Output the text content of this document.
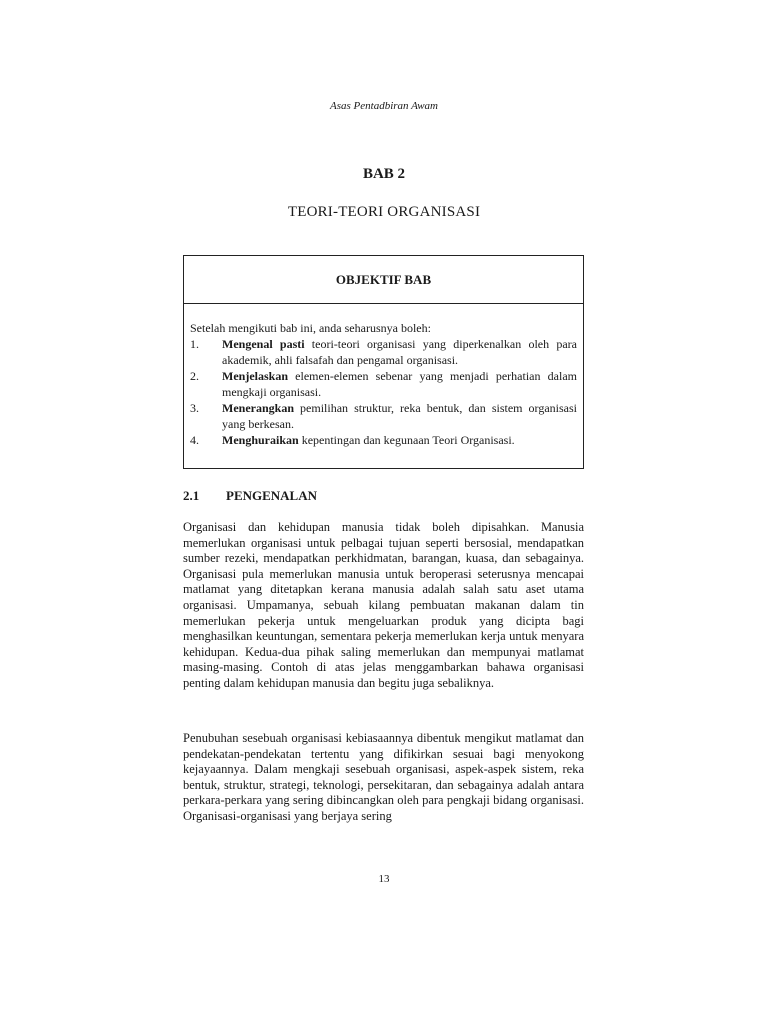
Asas Pentadbiran Awam
BAB 2
TEORI-TEORI ORGANISASI
OBJEKTIF BAB

Setelah mengikuti bab ini, anda seharusnya boleh:

1.	Mengenal pasti teori-teori organisasi yang diperkenalkan oleh para akademik, ahli falsafah dan pengamal organisasi.
2.	Menjelaskan elemen-elemen sebenar yang menjadi perhatian dalam mengkaji organisasi.
3.	Menerangkan pemilihan struktur, reka bentuk, dan sistem organisasi yang berkesan.
4.	Menghuraikan kepentingan dan kegunaan Teori Organisasi.
2.1	PENGENALAN

Organisasi dan kehidupan manusia tidak boleh dipisahkan. Manusia memerlukan organisasi untuk pelbagai tujuan seperti bersosial, mendapatkan sumber rezeki, mendapatkan perkhidmatan, barangan, kuasa, dan sebagainya. Organisasi pula memerlukan manusia untuk beroperasi seterusnya mencapai matlamat yang ditetapkan kerana manusia adalah salah satu aset utama organisasi. Umpamanya, sebuah kilang pembuatan makanan dalam tin memerlukan pekerja untuk mengeluarkan produk yang dicipta bagi menghasilkan keuntungan, sementara pekerja memerlukan kerja untuk menyara kehidupan. Kedua-dua pihak saling memerlukan dan mempunyai matlamat masing-masing. Contoh di atas jelas menggambarkan bahawa organisasi penting dalam kehidupan manusia dan begitu juga sebaliknya.

Penubuhan sesebuah organisasi kebiasaannya dibentuk mengikut matlamat dan pendekatan-pendekatan tertentu yang difikirkan sesuai bagi menyokong kejayaannya. Dalam mengkaji sesebuah organisasi, aspek-aspek sistem, reka bentuk, struktur, strategi, teknologi, persekitaran, dan sebagainya adalah antara perkara-perkara yang sering dibincangkan oleh para pengkaji bidang organisasi. Organisasi-organisasi yang berjaya sering

13
